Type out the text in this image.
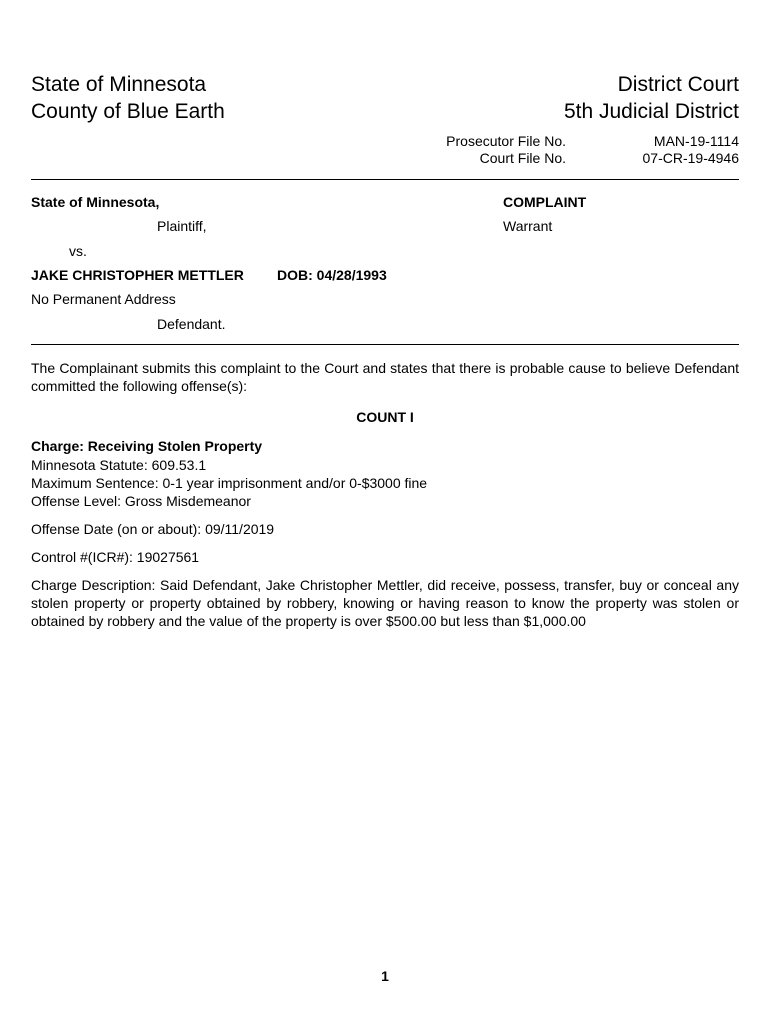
State of Minnesota
County of Blue Earth
District Court
5th Judicial District
Prosecutor File No.	MAN-19-1114
Court File No.	07-CR-19-4946
State of Minnesota,
Plaintiff,
vs.
JAKE CHRISTOPHER METTLER DOB: 04/28/1993
No Permanent Address
Defendant.
COMPLAINT
Warrant
The Complainant submits this complaint to the Court and states that there is probable cause to believe Defendant committed the following offense(s):
COUNT I
Charge: Receiving Stolen Property
Minnesota Statute: 609.53.1
Maximum Sentence: 0-1 year imprisonment and/or 0-$3000 fine
Offense Level: Gross Misdemeanor
Offense Date (on or about): 09/11/2019
Control #(ICR#): 19027561
Charge Description: Said Defendant, Jake Christopher Mettler, did receive, possess, transfer, buy or conceal any stolen property or property obtained by robbery, knowing or having reason to know the property was stolen or obtained by robbery and the value of the property is over $500.00 but less than $1,000.00
1
